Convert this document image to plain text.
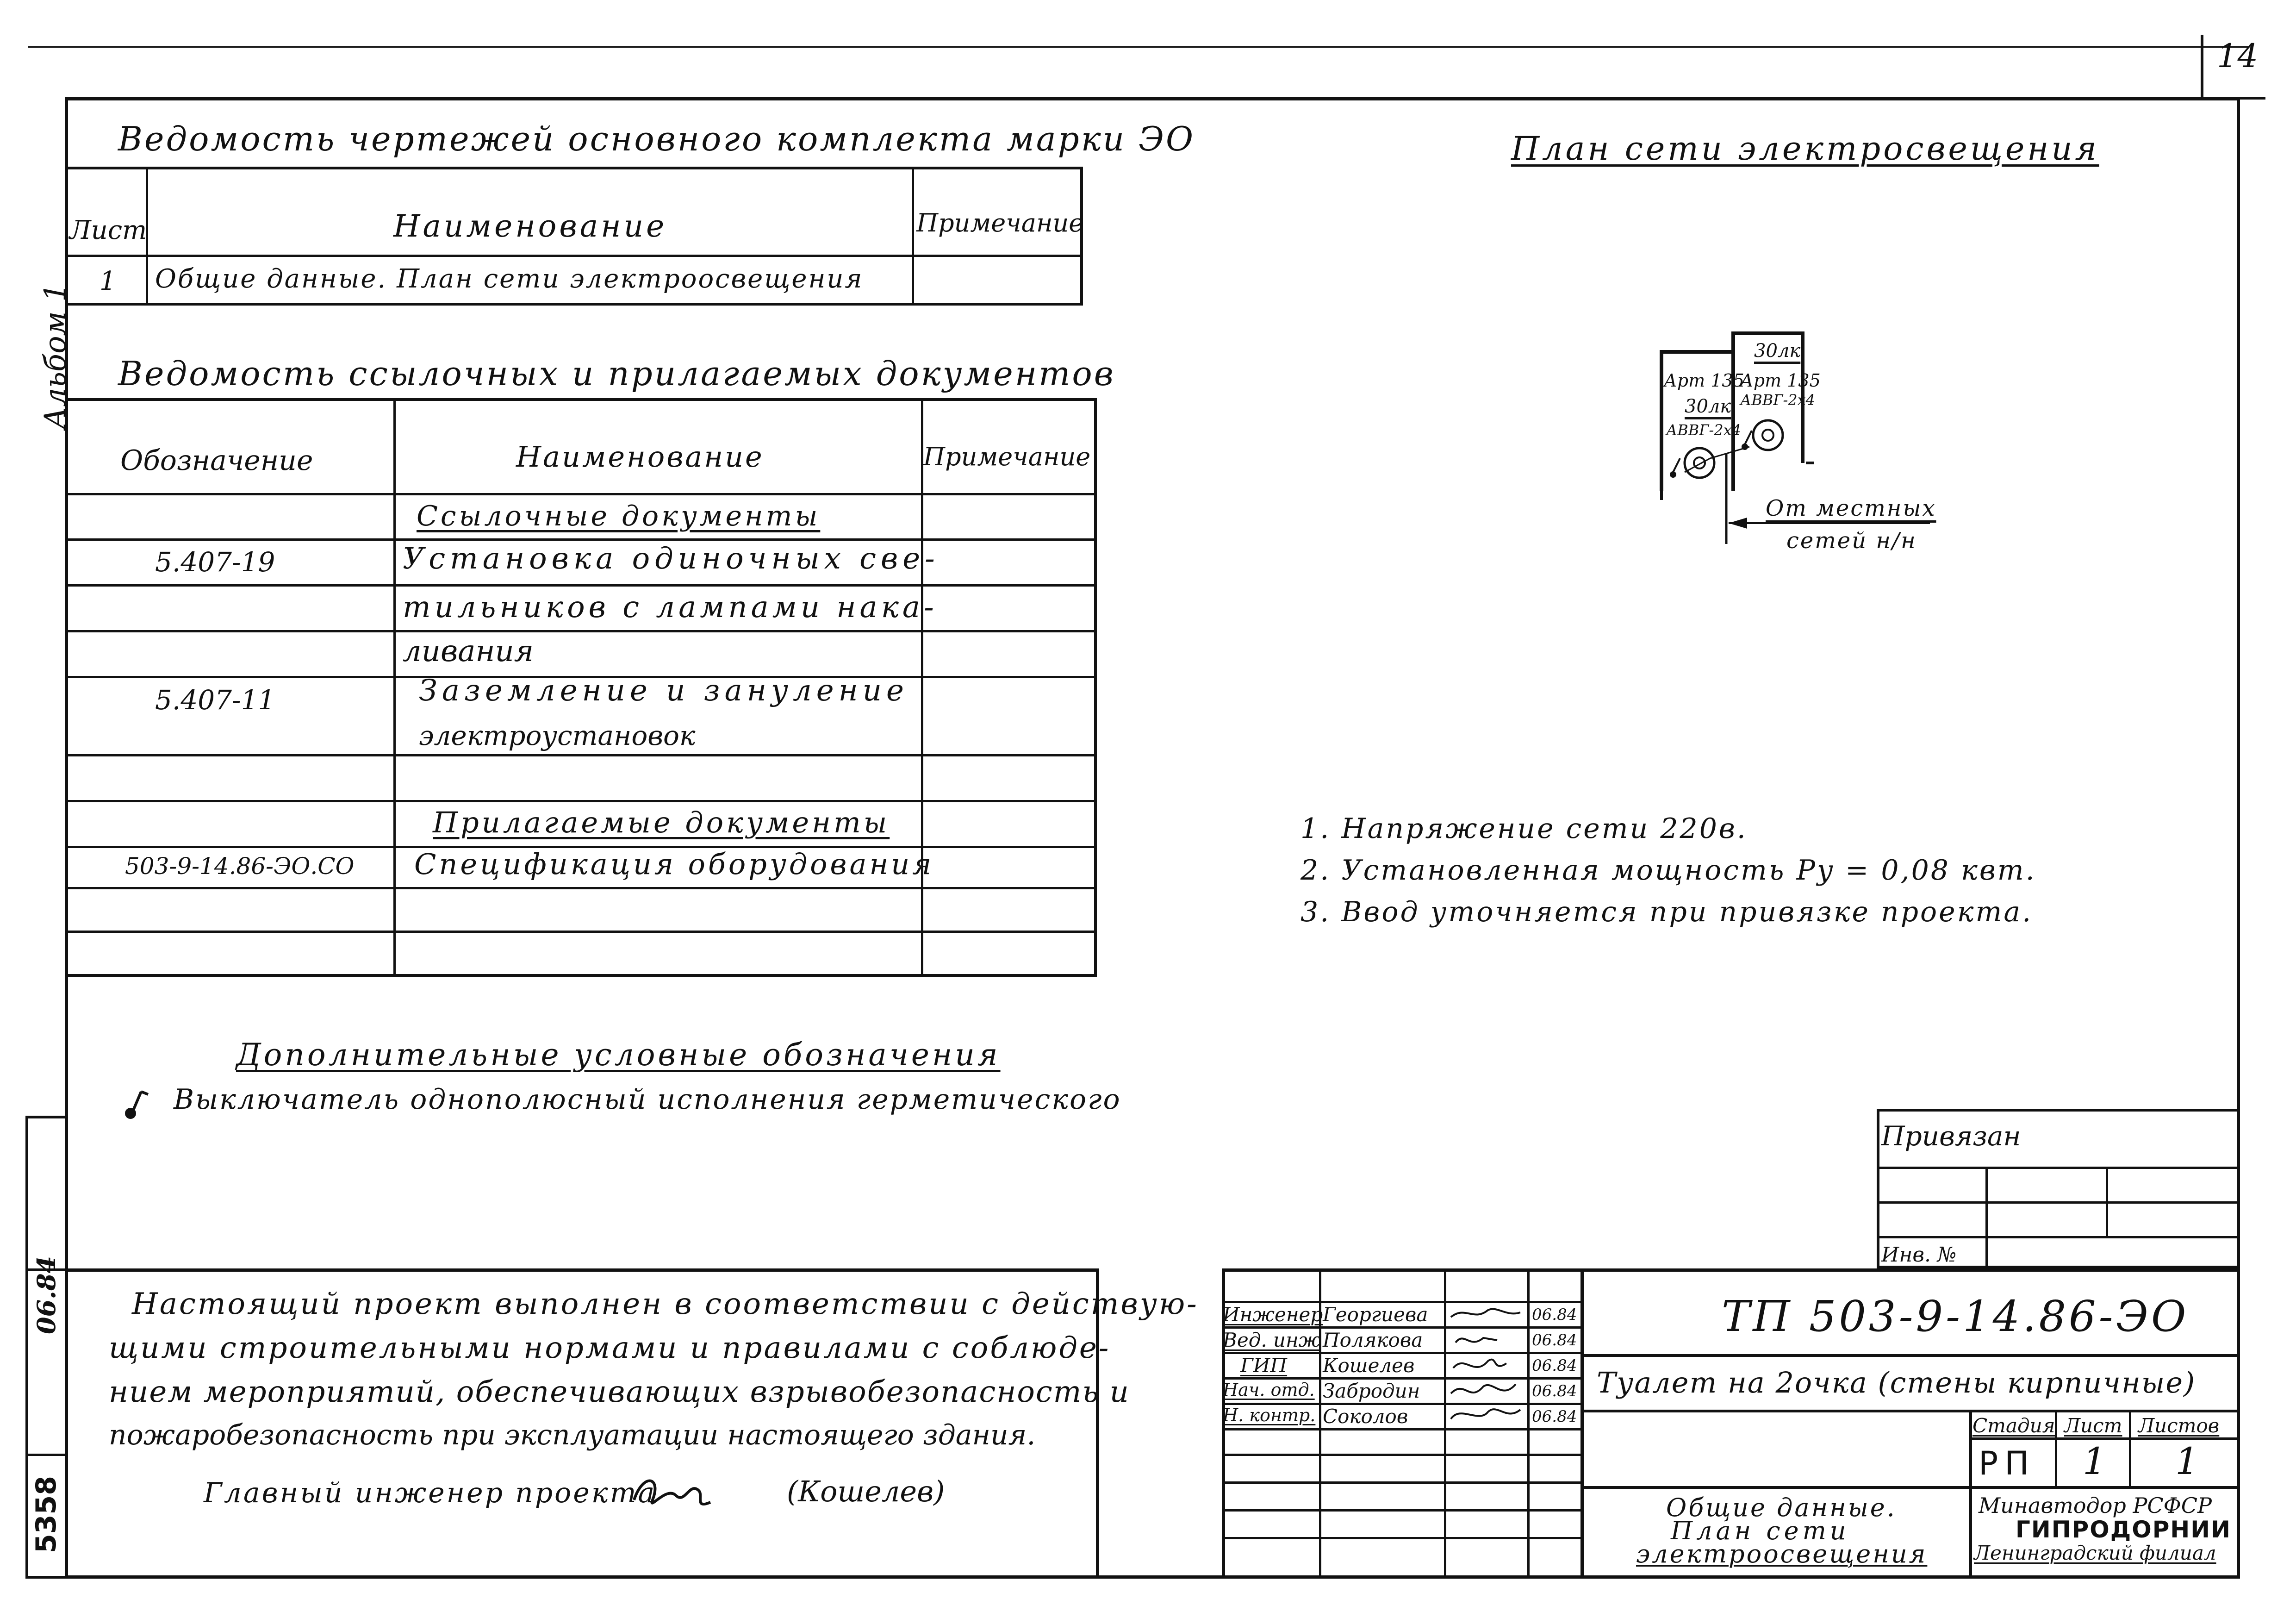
14
Альбом 1
Ведомость чертежей основного комплекта марки ЭО
Лист	Наименование	Примечание
1 Общие данные. План сети электроосвещения
Ведомость ссылочных и прилагаемых документов
Обозначение	Наименование	Примечание
Ссылочные документы
5.407-19	Установка одиночных све-
тильников с лампами нака-
ливания
5.407-11	Заземление и зануление
электроустановок
Прилагаемые документы
503-9-14.86-ЭО.СО Спецификация оборудования
Дополнительные условные обозначения
Выключатель однополюсный исполнения герметического
План сети электросвещения
Арт 135
30лк
АВВГ-2х4
30лк
Арт 135
АВВГ-2х4
От местных
сетей н/н
1. Напряжение сети 220в.
2. Установленная мощность Py = 0,08 квт.
3. Ввод уточняется при привязке проекта.
Настоящий проект выполнен в соответствии с действую-
щими строительными нормами и правилами с соблюде-
нием мероприятий, обеспечивающих взрывобезопасность и
пожаробезопасность при эксплуатации настоящего здания.
Главный инженер проекта	(Кошелев)
5358
06.84
Привязан
Инв. №
ТП 503-9-14.86-ЭО
Туалет на 2очка (стены кирпичные)
Инженер Георгиева	06.84
Вед. инж Полякова	06.84
ГИП Кошелев	06.84
Нач. отд. Забродин	06.84
Н. контр. Соколов	06.84	Стадия Лист Листов
РП 1 1
Общие данные.
План сети
электроосвещения
Минавтодор РСФСР
ГИПРОДОРНИИ
Ленинградский филиал
